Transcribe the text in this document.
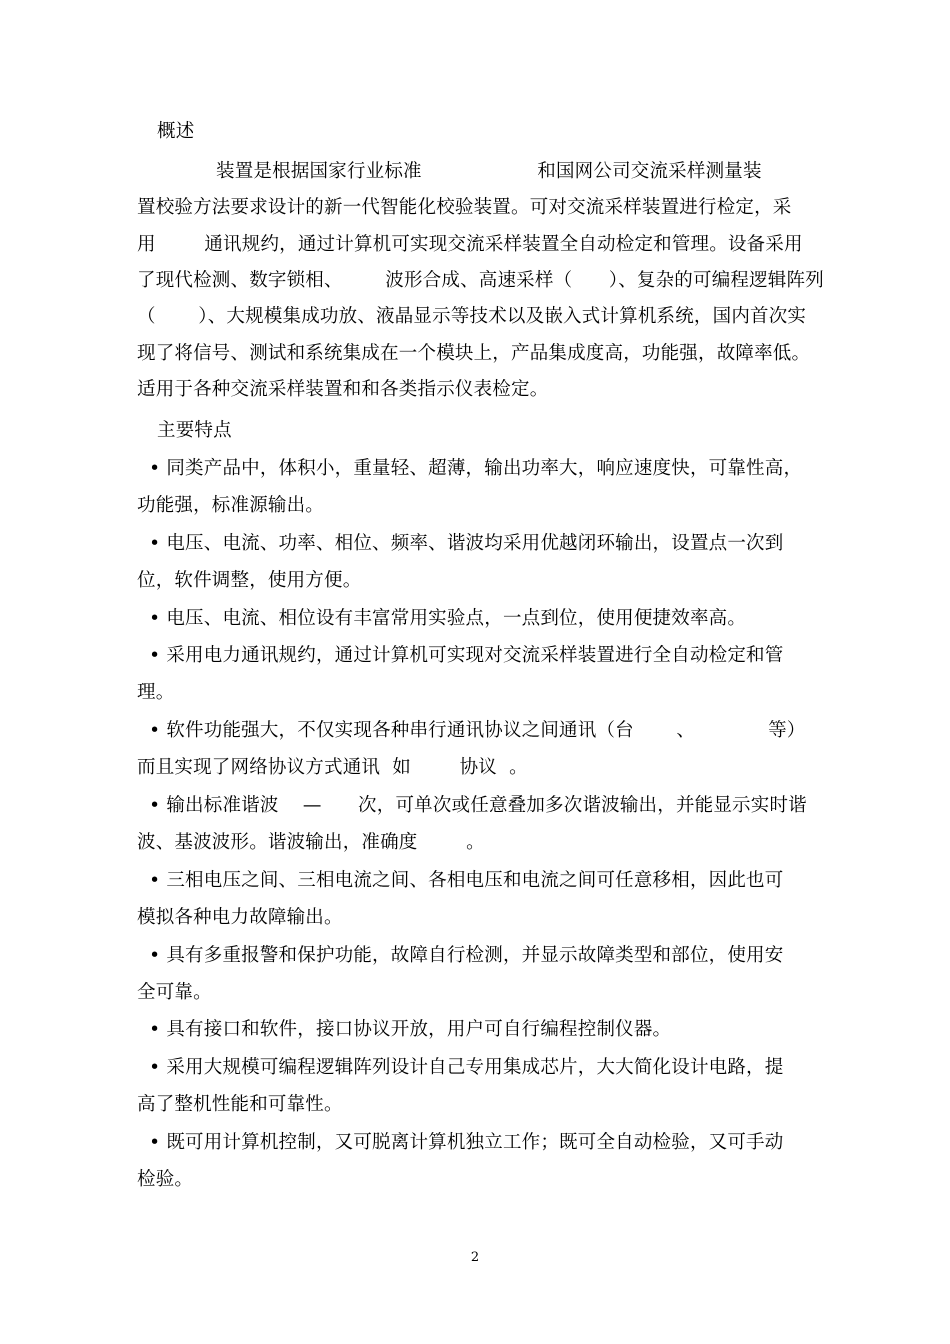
概述
装置是根据国家行业标准                   和国网公司交流采样测量装
置校验方法要求设计的新一代智能化校验装置。可对交流采样装置进行检定，采
用        通讯规约，通过计算机可实现交流采样装置全自动检定和管理。设备采用
了现代检测、数字锁相、       波形合成、高速采样（      ）、复杂的可编程逻辑阵列
（       ）、大规模集成功放、液晶显示等技术以及嵌入式计算机系统，国内首次实
现了将信号、测试和系统集成在一个模块上，产品集成度高，功能强，故障率低。
适用于各种交流采样装置和和各类指示仪表检定。
主要特点
• 同类产品中，体积小，重量轻、超薄，输出功率大，响应速度快，可靠性高，
功能强，标准源输出。
• 电压、电流、功率、相位、频率、谐波均采用优越闭环输出，设置点一次到
位，软件调整，使用方便。
• 电压、电流、相位设有丰富常用实验点，一点到位，使用便捷效率高。
• 采用电力通讯规约，通过计算机可实现对交流采样装置进行全自动检定和管
理。
• 软件功能强大，不仅实现各种串行通讯协议之间通讯（台       、            等）
而且实现了网络协议方式通讯  如        协议  。
• 输出标准谐波    —      次，可单次或任意叠加多次谐波输出，并能显示实时谐
波、基波波形。谐波输出，准确度        。
• 三相电压之间、三相电流之间、各相电压和电流之间可任意移相，因此也可
模拟各种电力故障输出。
• 具有多重报警和保护功能，故障自行检测，并显示故障类型和部位，使用安
全可靠。
• 具有接口和软件，接口协议开放，用户可自行编程控制仪器。
• 采用大规模可编程逻辑阵列设计自己专用集成芯片，大大简化设计电路，提
高了整机性能和可靠性。
• 既可用计算机控制，又可脱离计算机独立工作；既可全自动检验，又可手动
检验。
2
